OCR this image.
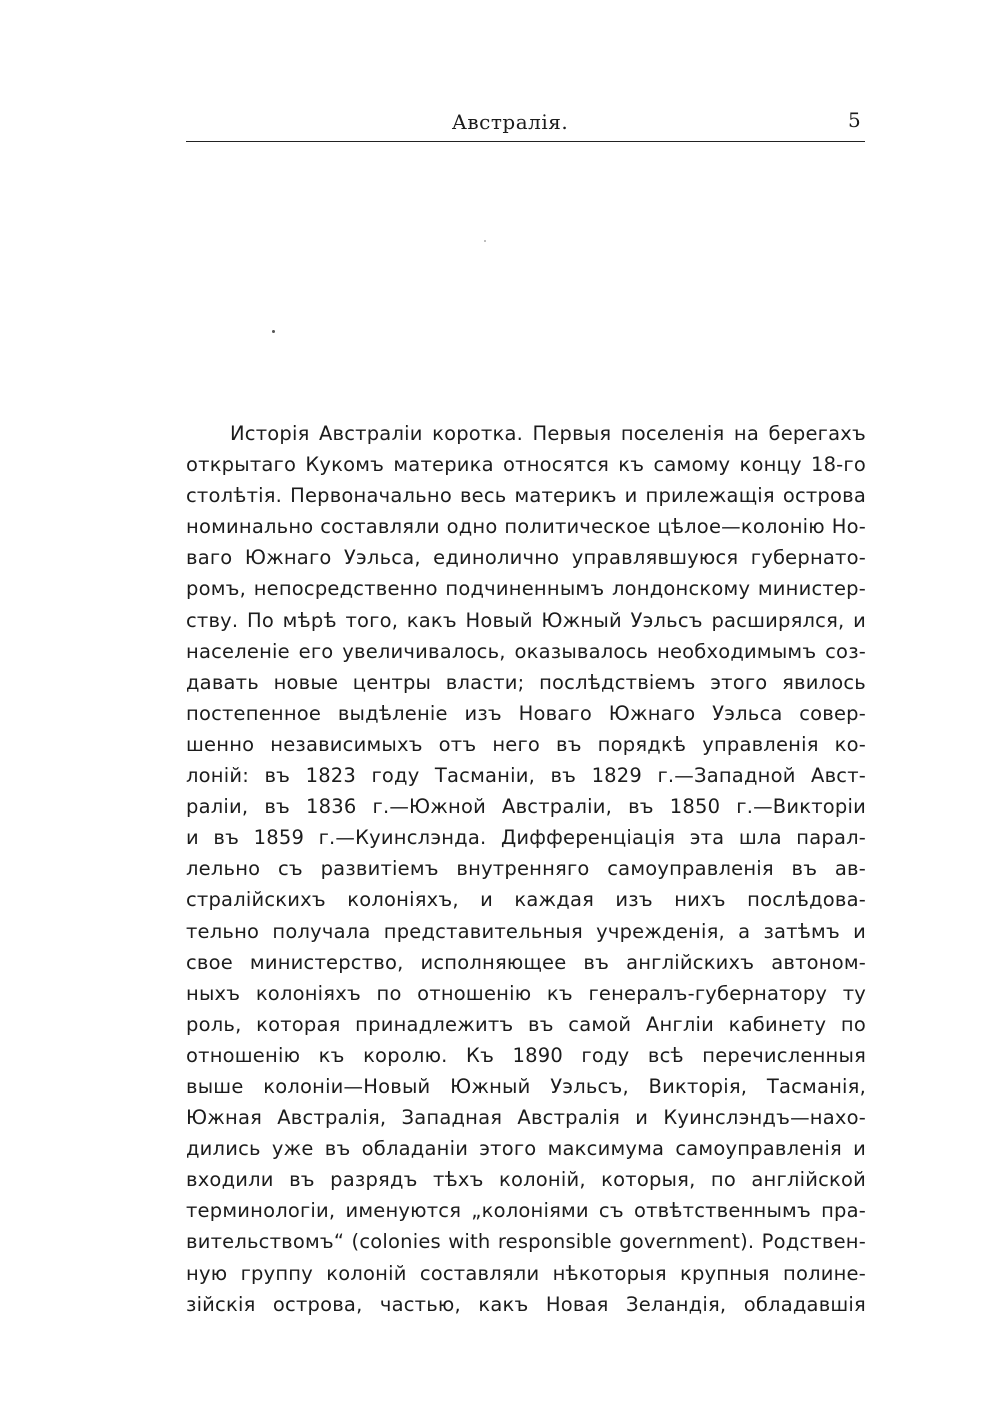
Австралія.	5
Исторія Австраліи коротка. Первыя поселенія на берегахъ
открытаго Кукомъ материка относятся къ самому концу 18-го
столѣтія. Первоначально весь материкъ и прилежащія острова
номинально составляли одно политическое цѣлое—колонію Но-
ваго Южнаго Уэльса, единолично управлявшуюся губернато-
ромъ, непосредственно подчиненнымъ лондонскому министер-
ству. По мѣрѣ того, какъ Новый Южный Уэльсъ расширялся, и
населеніе его увеличивалось, оказывалось необходимымъ соз-
давать новые центры власти; послѣдствіемъ этого явилось
постепенное выдѣленіе изъ Новаго Южнаго Уэльса совер-
шенно независимыхъ отъ него въ порядкѣ управленія ко-
лоній: въ 1823 году Тасманіи, въ 1829 г.—Западной Авст-
раліи, въ 1836 г.—Южной Австраліи, въ 1850 г.—Викторіи
и въ 1859 г.—Куинслэнда. Дифференціація эта шла парал-
лельно съ развитіемъ внутренняго самоуправленія въ ав-
стралійскихъ колоніяхъ, и каждая изъ нихъ послѣдова-
тельно получала представительныя учрежденія, а затѣмъ и
свое министерство, исполняющее въ англійскихъ автоном-
ныхъ колоніяхъ по отношенію къ генералъ-губернатору ту
роль, которая принадлежитъ въ самой Англіи кабинету по
отношенію къ королю. Къ 1890 году всѣ перечисленныя
выше колоніи—Новый Южный Уэльсъ, Викторія, Тасманія,
Южная Австралія, Западная Австралія и Куинслэндъ—нахо-
дились уже въ обладаніи этого максимума самоуправленія и
входили въ разрядъ тѣхъ колоній, которыя, по англійской
терминологіи, именуются „колоніями съ отвѣтственнымъ пра-
вительствомъ“ (colonies with responsible government). Родствен-
ную группу колоній составляли нѣкоторыя крупныя полине-
зійскія острова, частью, какъ Новая Зеландія, обладавшія
